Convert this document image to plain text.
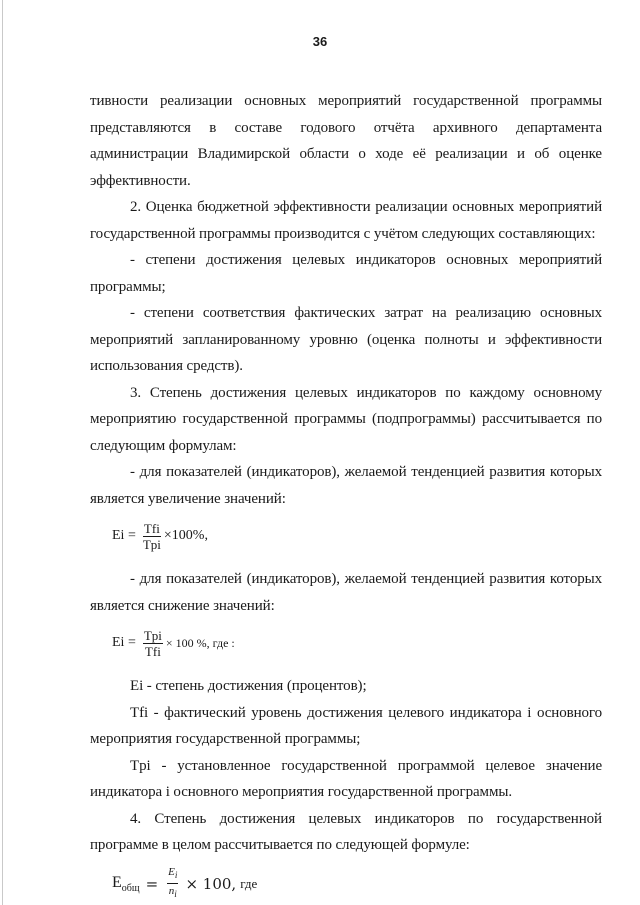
36

тивности реализации основных мероприятий государственной программы представляются в составе годового отчёта архивного департамента администрации Владимирской области о ходе её реализации и об оценке эффективности.

2. Оценка бюджетной эффективности реализации основных мероприятий государственной программы производится с учётом следующих составляющих:

- степени достижения целевых индикаторов основных мероприятий программы;

- степени соответствия фактических затрат на реализацию основных мероприятий запланированному уровню (оценка полноты и эффективности использования средств).

3. Степень достижения целевых индикаторов по каждому основному мероприятию государственной программы (подпрограммы) рассчитывается по следующим формулам:

- для показателей (индикаторов), желаемой тенденцией развития которых является увеличение значений:

$Ei = \frac{\text{Tfi}}{\text{Tpi}} \times 100\%$,

- для показателей (индикаторов), желаемой тенденцией развития которых является снижение значений:

$Ei = \frac{\text{Tpi}}{\text{Tfi}} \times 100$ %, где :

Ei - степень достижения (процентов);

Tfi - фактический уровень достижения целевого индикатора i основного мероприятия государственной программы;

Tpi - установленное государственной программой целевое значение индикатора i основного мероприятия государственной программы.

4. Степень достижения целевых индикаторов по государственной программе в целом рассчитывается по следующей формуле:

$E_{общ} = \frac{E_i}{n_i} \times 100$, где
